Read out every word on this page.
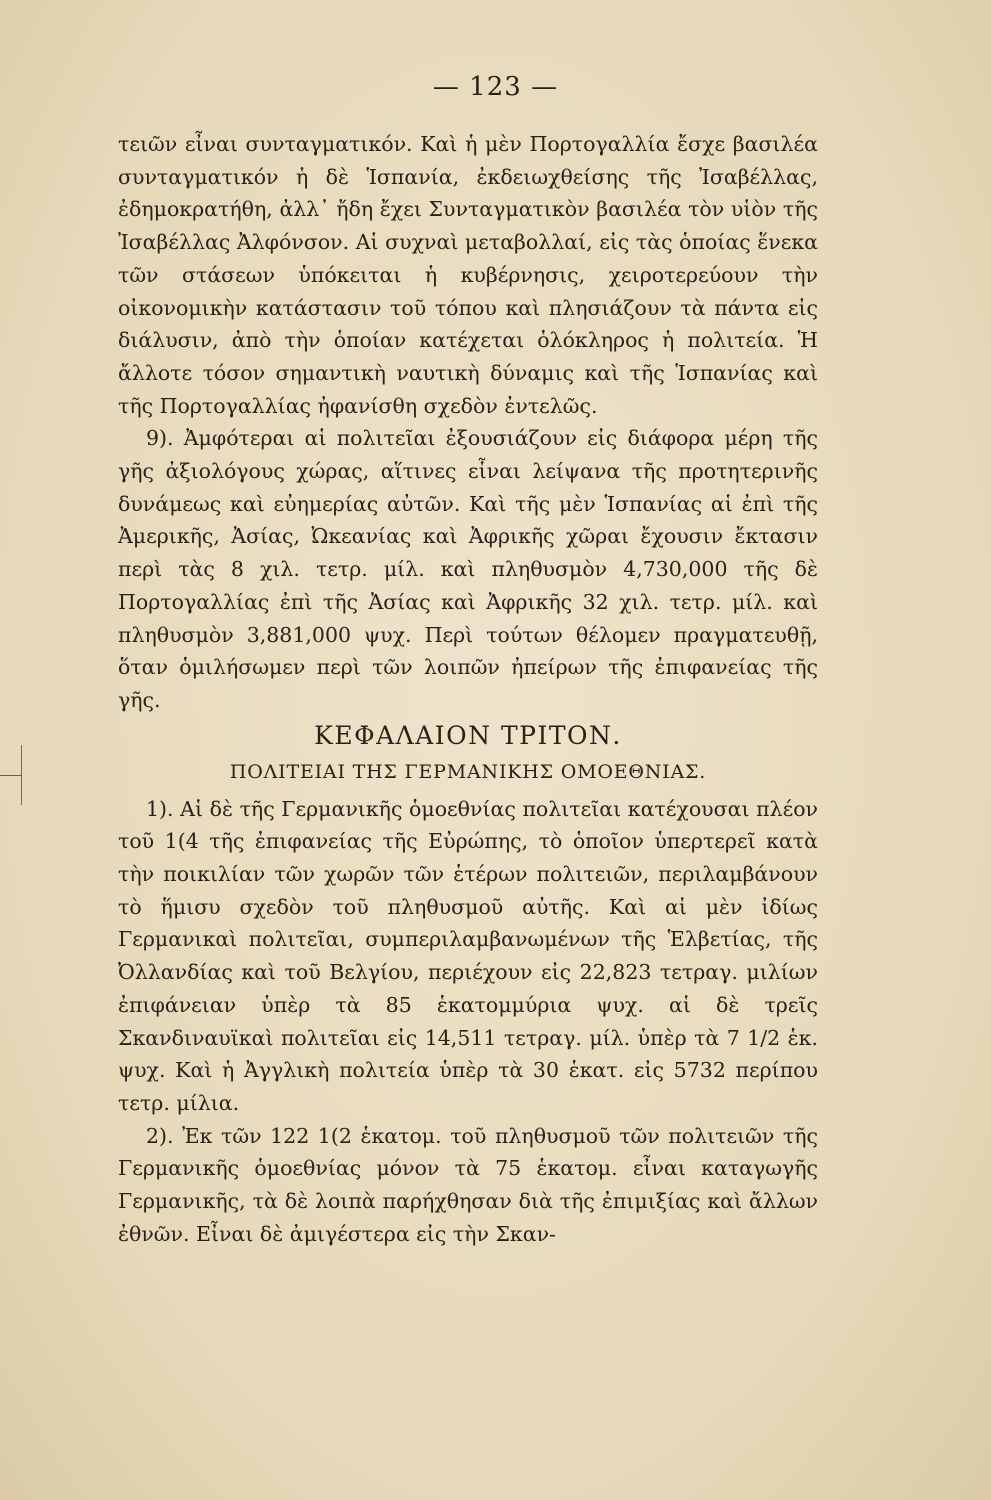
— 123 —

τειῶν εἶναι συνταγματικόν. Καὶ ἡ μὲν Πορτογαλλία ἔσχε βασιλέα συνταγματικόν ἡ δὲ Ἱσπανία, ἐκδειωχθείσης τῆς Ἰσαβέλλας, ἐδημοκρατήθη, ἀλλ᾽ ἤδη ἔχει Συνταγματικὸν βασιλέα τὸν υἱὸν τῆς Ἰσαβέλλας Ἀλφόνσον. Αἱ συχναὶ μεταβολλαί, εἰς τὰς ὁποίας ἕνεκα τῶν στάσεων ὑπόκειται ἡ κυβέρνησις, χειροτερεύουν τὴν οἰκονομικὴν κατάστασιν τοῦ τόπου καὶ πλησιάζουν τὰ πάντα εἰς διάλυσιν, ἀπὸ τὴν ὁποίαν κατέχεται ὁλόκληρος ἡ πολιτεία. Ἡ ἄλλοτε τόσον σημαντικὴ ναυτικὴ δύναμις καὶ τῆς Ἱσπανίας καὶ τῆς Πορτογαλλίας ἠφανίσθη σχεδὸν ἐντελῶς.

9). Ἀμφότεραι αἱ πολιτεῖαι ἐξουσιάζουν εἰς διάφορα μέρη τῆς γῆς ἀξιολόγους χώρας, αἵτινες εἶναι λείψανα τῆς προτητερινῆς δυνάμεως καὶ εὐημερίας αὐτῶν. Καὶ τῆς μὲν Ἱσπανίας αἱ ἐπὶ τῆς Ἀμερικῆς, Ἀσίας, Ὠκεανίας καὶ Ἀφρικῆς χῶραι ἔχουσιν ἔκτασιν περὶ τὰς 8 χιλ. τετρ. μίλ. καὶ πληθυσμὸν 4,730,000 τῆς δὲ Πορτογαλλίας ἐπὶ τῆς Ἀσίας καὶ Ἀφρικῆς 32 χιλ. τετρ. μίλ. καὶ πληθυσμὸν 3,881,000 ψυχ. Περὶ τούτων θέλομεν πραγματευθῇ, ὅταν ὁμιλήσωμεν περὶ τῶν λοιπῶν ἠπείρων τῆς ἐπιφανείας τῆς γῆς.

ΚΕΦΑΛΑΙΟΝ ΤΡΙΤΟΝ.
ΠΟΛΙΤΕΙΑΙ ΤΗΣ ΓΕΡΜΑΝΙΚΗΣ ΟΜΟΕΘΝΙΑΣ.

1). Αἱ δὲ τῆς Γερμανικῆς ὁμοεθνίας πολιτεῖαι κατέχουσαι πλέον τοῦ 1(4 τῆς ἐπιφανείας τῆς Εὐρώπης, τὸ ὁποῖον ὑπερτερεῖ κατὰ τὴν ποικιλίαν τῶν χωρῶν τῶν ἑτέρων πολιτειῶν, περιλαμβάνουν τὸ ἥμισυ σχεδὸν τοῦ πληθυσμοῦ αὐτῆς. Καὶ αἱ μὲν ἰδίως Γερμανικαὶ πολιτεῖαι, συμπεριλαμβανωμένων τῆς Ἑλβετίας, τῆς Ὀλλανδίας καὶ τοῦ Βελγίου, περιέχουν εἰς 22,823 τετραγ. μιλίων ἐπιφάνειαν ὑπὲρ τὰ 85 ἑκατομμύρια ψυχ. αἱ δὲ τρεῖς Σκανδιναυϊκαὶ πολιτεῖαι εἰς 14,511 τετραγ. μίλ. ὑπὲρ τὰ 7 1/2 ἑκ. ψυχ. Καὶ ἡ Ἀγγλικὴ πολιτεία ὑπὲρ τὰ 30 ἑκατ. εἰς 5732 περίπου τετρ. μίλια.

2). Ἐκ τῶν 122 1(2 ἑκατομ. τοῦ πληθυσμοῦ τῶν πολιτειῶν τῆς Γερμανικῆς ὁμοεθνίας μόνον τὰ 75 ἑκατομ. εἶναι καταγωγῆς Γερμανικῆς, τὰ δὲ λοιπὰ παρήχθησαν διὰ τῆς ἐπιμιξίας καὶ ἄλλων ἐθνῶν. Εἶναι δὲ ἀμιγέστερα εἰς τὴν Σκαν-
